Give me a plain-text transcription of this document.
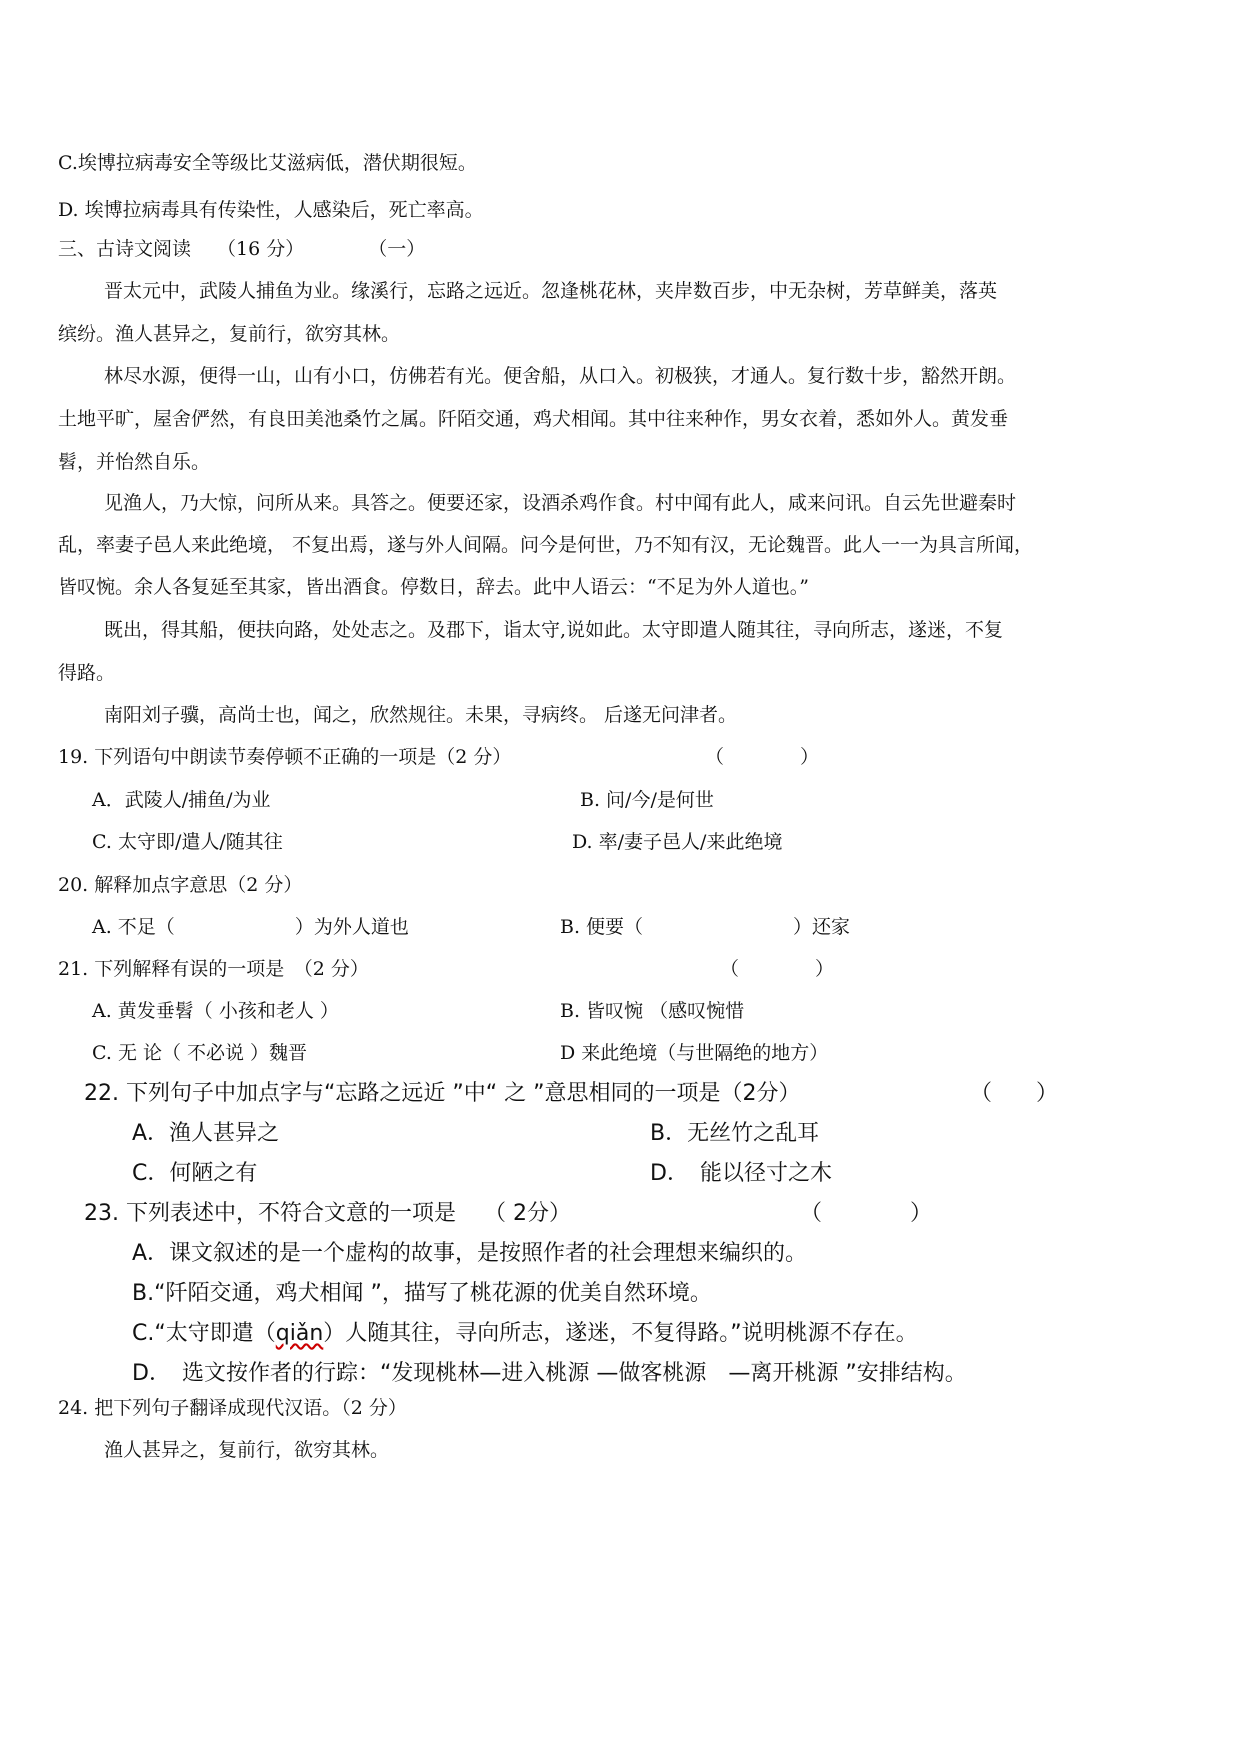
C.埃博拉病毒安全等级比艾滋病低，潜伏期很短。
D. 埃博拉病毒具有传染性，人感染后，死亡率高。
三、古诗文阅读 （16 分）	（一）
晋太元中，武陵人捕鱼为业。缘溪行，忘路之远近。忽逢桃花林，夹岸数百步，中无杂树，芳草鲜美，落英
缤纷。渔人甚异之，复前行，欲穷其林。
林尽水源，便得一山，山有小口，仿佛若有光。便舍船，从口入。初极狭，才通人。复行数十步，豁然开朗。
土地平旷，屋舍俨然，有良田美池桑竹之属。阡陌交通，鸡犬相闻。其中往来种作，男女衣着，悉如外人。黄发垂
髫，并怡然自乐。
见渔人，乃大惊，问所从来。具答之。便要还家，设酒杀鸡作食。村中闻有此人，咸来问讯。自云先世避秦时
乱，率妻子邑人来此绝境， 不复出焉，遂与外人间隔。问今是何世，乃不知有汉，无论魏晋。此人一一为具言所闻，
皆叹惋。余人各复延至其家，皆出酒食。停数日，辞去。此中人语云：“不足为外人道也。”
既出，得其船，便扶向路，处处志之。及郡下，诣太守,说如此。太守即遣人随其往，寻向所志，遂迷，不复
得路。
南阳刘子骥，高尚士也，闻之，欣然规往。未果，寻病终。 后遂无问津者。
19. 下列语句中朗读节奏停顿不正确的一项是（2 分）	（　　　　）
A．武陵人/捕鱼/为业	B. 问/今/是何世
C. 太守即/遣人/随其往	D. 率/妻子邑人/来此绝境
20. 解释加点字意思（2 分）
A. 不足（	）为外人道也	B. 便要（	）还家
21. 下列解释有误的一项是　（2 分）	（　　　　）
A. 黄发垂髫（ 小孩和老人 ）	B. 皆叹惋 （感叹惋惜
C. 无 论（ 不必说 ）魏晋	D 来此绝境（与世隔绝的地方）
22. 下列句子中加点字与“忘路之远近 ”中“ 之 ”意思相同的一项是（2分）	（　　）
A．渔人甚异之	B．无丝竹之乱耳
C．何陋之有	D．　能以径寸之木
23. 下列表述中，不符合文意的一项是 （ 2分）	（　　　　）
A．课文叙述的是一个虚构的故事，是按照作者的社会理想来编织的。
B.“阡陌交通，鸡犬相闻 ”，描写了桃花源的优美自然环境。
C.“太守即遣（qiǎn）人随其往，寻向所志，遂迷，不复得路。”说明桃源不存在。
D．　选文按作者的行踪：“发现桃林—进入桃源 —做客桃源　—离开桃源 ”安排结构。
24. 把下列句子翻译成现代汉语。（2 分）
渔人甚异之，复前行，欲穷其林。
